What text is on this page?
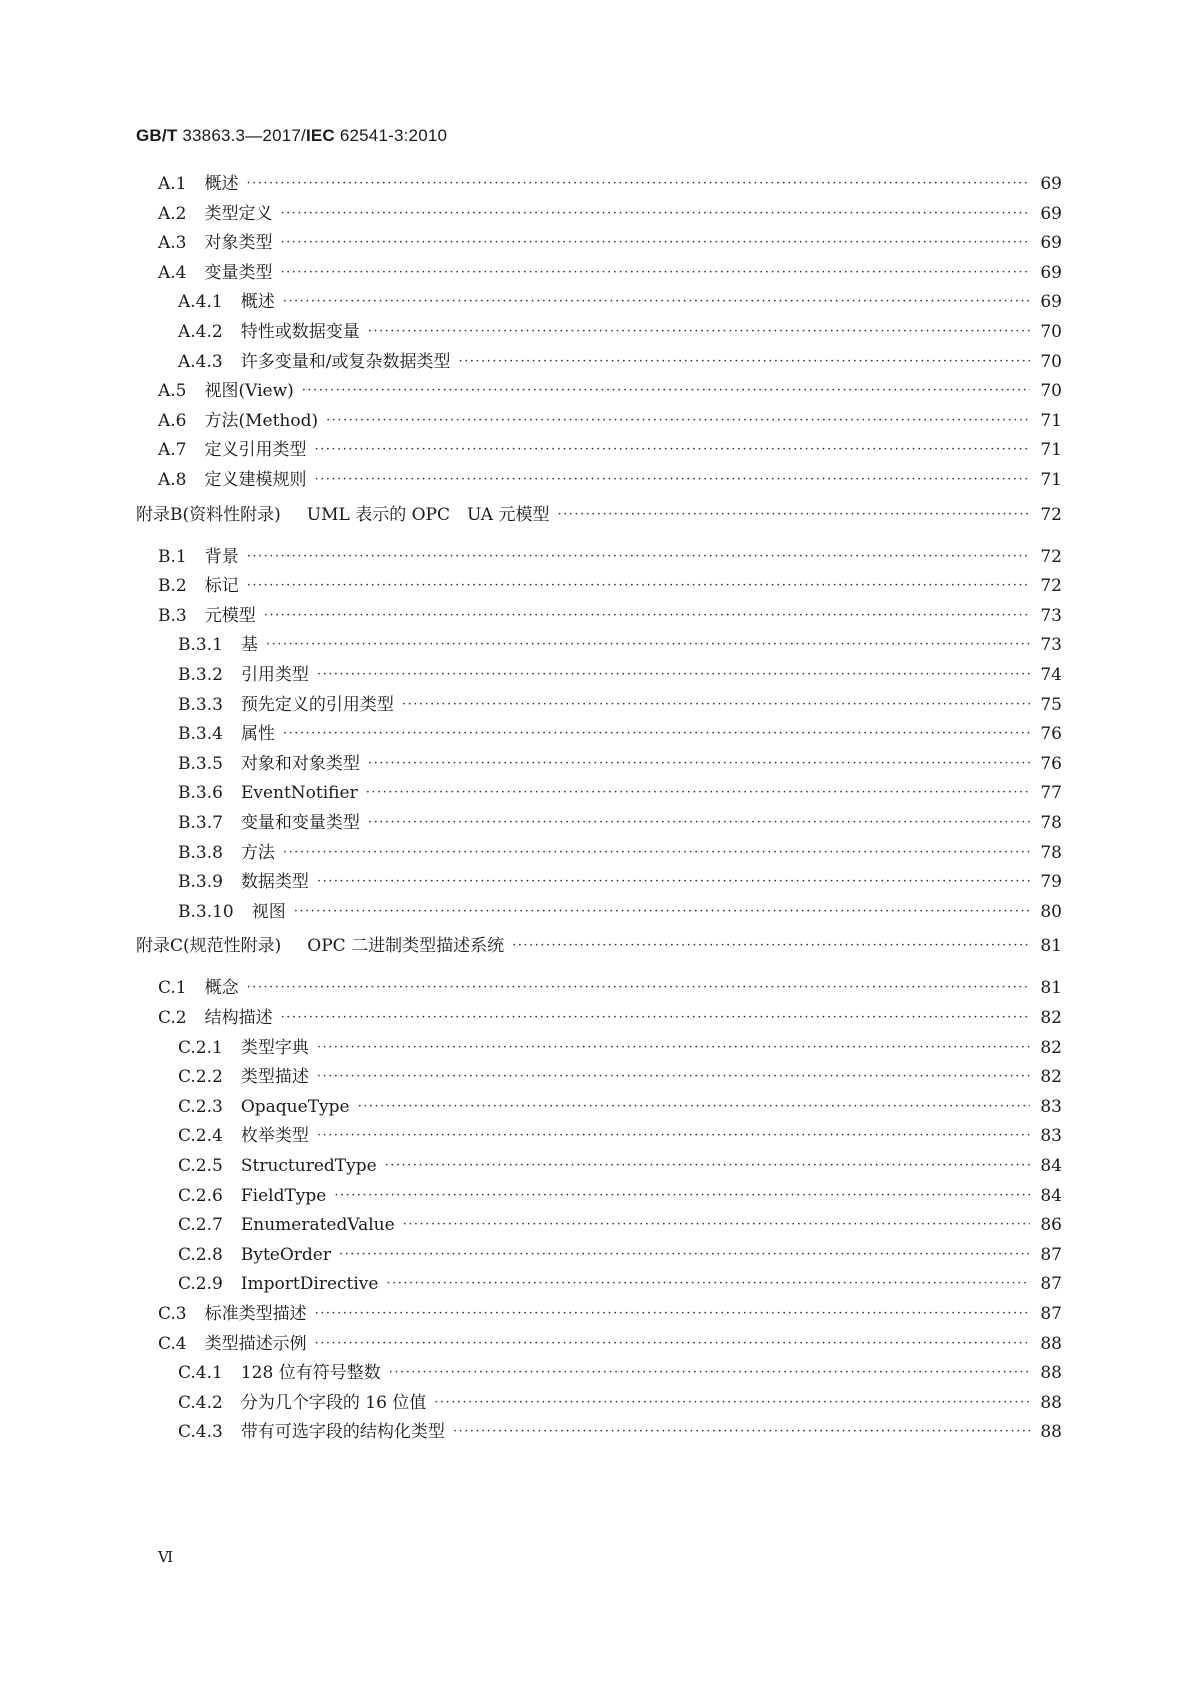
GB/T 33863.3—2017/IEC 62541-3:2010
A.1	概述 ·····	69
A.2	类型定义 ·····	69
A.3	对象类型 ·····	69
A.4	变量类型 ·····	69
A.4.1	概述 ·····	69
A.4.2	特性或数据变量 ·····	70
A.4.3	许多变量和/或复杂数据类型 ·····	70
A.5	视图(View) ·····	70
A.6	方法(Method) ·····	71
A.7	定义引用类型 ·····	71
A.8	定义建模规则 ·····	71
附录B(资料性附录)	UML 表示的 OPC　UA 元模型 ·····	72
B.1	背景 ·····	72
B.2	标记 ·····	72
B.3	元模型 ·····	73
B.3.1	基 ·····	73
B.3.2	引用类型 ·····	74
B.3.3	预先定义的引用类型 ·····	75
B.3.4	属性 ·····	76
B.3.5	对象和对象类型 ·····	76
B.3.6	EventNotifier ·····	77
B.3.7	变量和变量类型 ·····	78
B.3.8	方法 ·····	78
B.3.9	数据类型 ·····	79
B.3.10	视图 ·····	80
附录C(规范性附录)	OPC 二进制类型描述系统 ·····	81
C.1	概念 ·····	81
C.2	结构描述 ·····	82
C.2.1	类型字典 ·····	82
C.2.2	类型描述 ·····	82
C.2.3	OpaqueType ·····	83
C.2.4	枚举类型 ·····	83
C.2.5	StructuredType ·····	84
C.2.6	FieldType ·····	84
C.2.7	EnumeratedValue ·····	86
C.2.8	ByteOrder ·····	87
C.2.9	ImportDirective ·····	87
C.3	标准类型描述 ·····	87
C.4	类型描述示例 ·····	88
C.4.1	128 位有符号整数 ·····	88
C.4.2	分为几个字段的 16 位值 ·····	88
C.4.3	带有可选字段的结构化类型 ·····	88
Ⅵ
